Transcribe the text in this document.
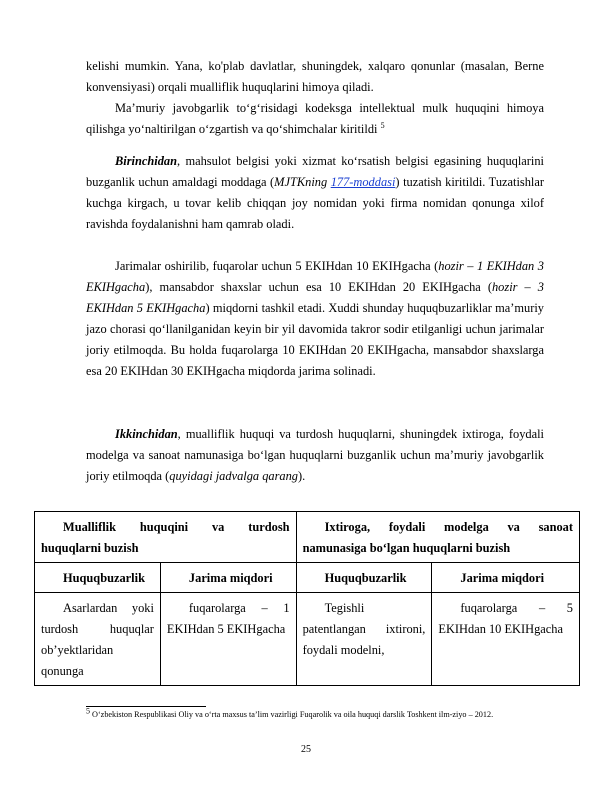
kelishi mumkin. Yana, ko'plab davlatlar, shuningdek, xalqaro qonunlar (masalan, Berne konvensiyasi) orqali mualliflik huquqlarini himoya qiladi.

Ma’muriy javobgarlik to‘g‘risidagi kodeksga intellektual mulk huquqini himoya qilishga yo‘naltirilgan o‘zgartish va qo‘shimchalar kiritildi $^5$

Birinchidan, mahsulot belgisi yoki xizmat ko‘rsatish belgisi egasining huquqlarini buzganlik uchun amaldagi moddaga (MJTKning 177-moddasi) tuzatish kiritildi. Tuzatishlar kuchga kirgach, u tovar kelib chiqqan joy nomidan yoki firma nomidan qonunga xilof ravishda foydalanishni ham qamrab oladi.

Jarimalar oshirilib, fuqarolar uchun 5 EKIHdan 10 EKIHgacha (hozir – 1 EKIHdan 3 EKIHgacha), mansabdor shaxslar uchun esa 10 EKIHdan 20 EKIHgacha (hozir – 3 EKIHdan 5 EKIHgacha) miqdorni tashkil etadi. Xuddi shunday huquqbuzarliklar ma’muriy jazo chorasi qo‘llanilganidan keyin bir yil davomida takror sodir etilganligi uchun jarimalar joriy etilmoqda. Bu holda fuqarolarga 10 EKIHdan 20 EKIHgacha, mansabdor shaxslarga esa 20 EKIHdan 30 EKIHgacha miqdorda jarima solinadi.

Ikkinchidan, mualliflik huquqi va turdosh huquqlarni, shuningdek ixtiroga, foydali modelga va sanoat namunasiga bo‘lgan huquqlarni buzganlik uchun ma’muriy javobgarlik joriy etilmoqda (quyidagi jadvalga qarang).

Mualliflik huquqini va turdosh huquqlarni buzish		Ixtiroga, foydali modelga va sanoat namunasiga bo‘lgan huquqlarni buzish	
Huquqbuzarlik	Jarima miqdori	Huquqbuzarlik	Jarima miqdori
Asarlardan yoki turdosh huquqlar ob’yektlaridan qonunga	fuqarolarga – 1 EKIHdan 5 EKIHgacha	Tegishli patentlangan ixtironi, foydali modelni,	fuqarolarga – 5 EKIHdan 10 EKIHgacha
$^5$ O‘zbekiston Respublikasi Oliy va o‘rta maxsus ta’lim vazirligi Fuqarolik va oila huquqi darslik Toshkent ilm-ziyo – 2012.
25
